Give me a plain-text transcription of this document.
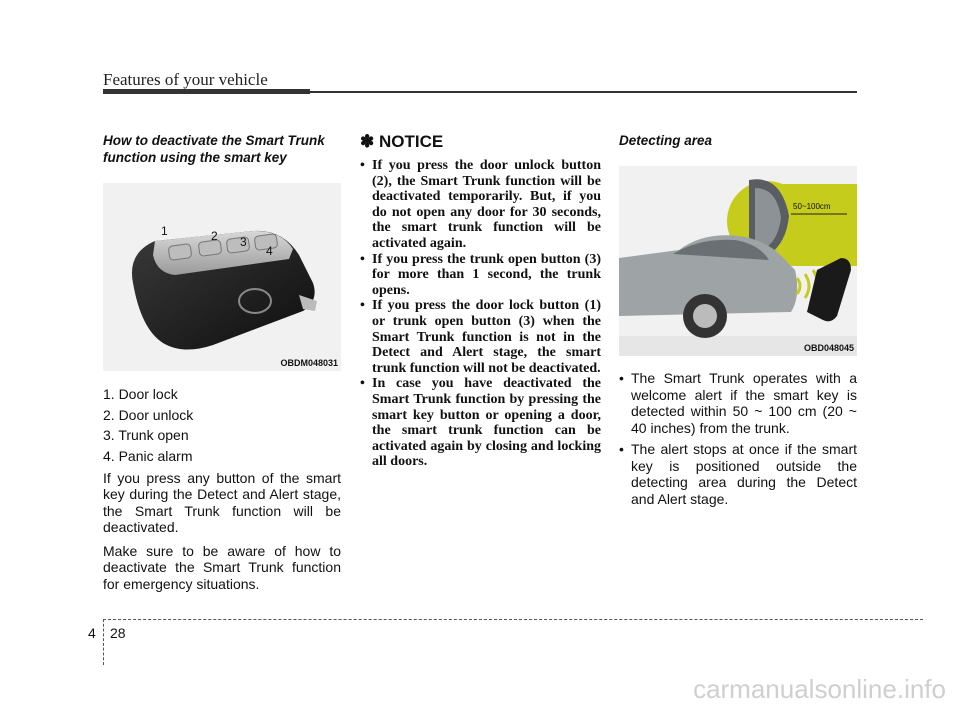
Features of your vehicle
How to deactivate the Smart Trunk function using the smart key
1	2 3
4
OBDM048031
1. Door lock
2. Door unlock
3. Trunk open
4. Panic alarm

If you press any button of the smart key during the Detect and Alert stage, the Smart Trunk function will be deactivated.

Make sure to be aware of how to deactivate the Smart Trunk function for emergency situations.

✽ NOTICE
• If you press the door unlock button (2), the Smart Trunk function will be deactivated temporarily. But, if you do not open any door for 30 seconds, the smart trunk function will be activated again.
• If you press the trunk open button (3) for more than 1 second, the trunk opens.
• If you press the door lock button (1) or trunk open button (3) when the Smart Trunk function is not in the Detect and Alert stage, the smart trunk function will not be deactivated.
• In case you have deactivated the Smart Trunk function by pressing the smart key button or opening a door, the smart trunk function can be activated again by closing and locking all doors.
Detecting area
50~100cm
OBD048045
• The Smart Trunk operates with a welcome alert if the smart key is detected within 50 ~ 100 cm (20 ~ 40 inches) from the trunk.
• The alert stops at once if the smart key is positioned outside the detecting area during the Detect and Alert stage.
4 28
carmanualsonline.info
